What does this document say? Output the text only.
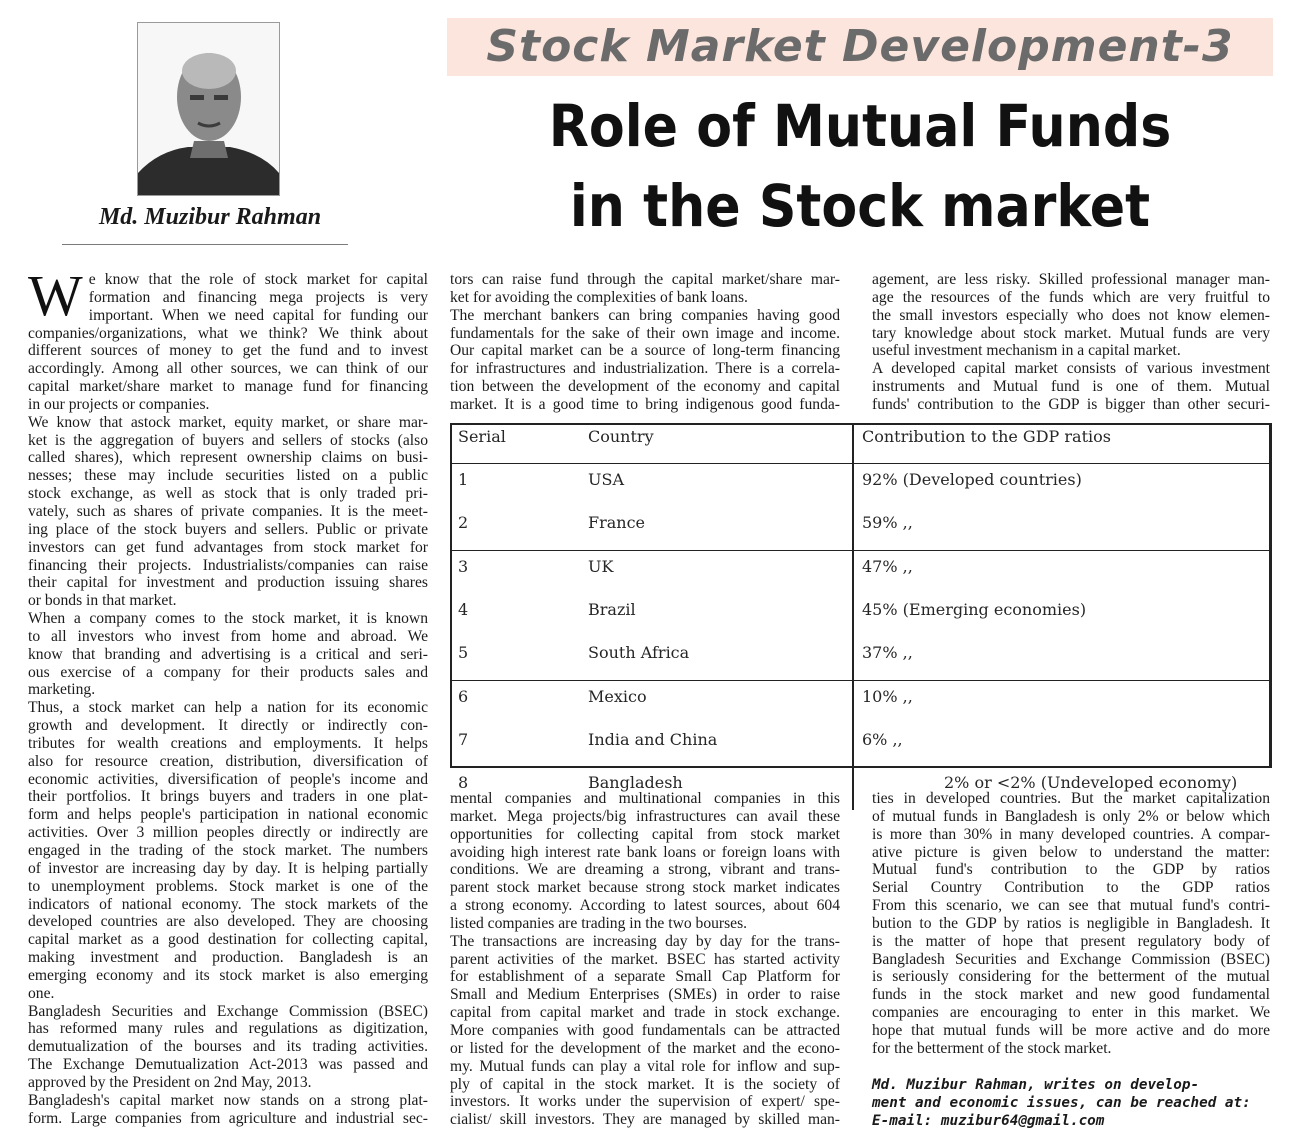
Md. Muzibur Rahman
Stock Market Development-3
Role of Mutual Funds
in the Stock market
W e know that the role of stock market for capital

formation and financing mega projects is very

important. When we need capital for funding our

companies/organizations, what we think? We think about

different sources of money to get the fund and to invest

accordingly. Among all other sources, we can think of our

capital market/share market to manage fund for financing

in our projects or companies.

We know that astock market, equity market, or share mar-

ket is the aggregation of buyers and sellers of stocks (also

called shares), which represent ownership claims on busi-

nesses; these may include securities listed on a public

stock exchange, as well as stock that is only traded pri-

vately, such as shares of private companies. It is the meet-

ing place of the stock buyers and sellers. Public or private

investors can get fund advantages from stock market for

financing their projects. Industrialists/companies can raise

their capital for investment and production issuing shares

or bonds in that market.

When a company comes to the stock market, it is known

to all investors who invest from home and abroad. We

know that branding and advertising is a critical and seri-

ous exercise of a company for their products sales and

marketing.

Thus, a stock market can help a nation for its economic

growth and development. It directly or indirectly con-

tributes for wealth creations and employments. It helps

also for resource creation, distribution, diversification of

economic activities, diversification of people's income and

their portfolios. It brings buyers and traders in one plat-

form and helps people's participation in national economic

activities. Over 3 million peoples directly or indirectly are

engaged in the trading of the stock market. The numbers

of investor are increasing day by day. It is helping partially

to unemployment problems. Stock market is one of the

indicators of national economy. The stock markets of the

developed countries are also developed. They are choosing

capital market as a good destination for collecting capital,

making investment and production. Bangladesh is an

emerging economy and its stock market is also emerging

one.

Bangladesh Securities and Exchange Commission (BSEC)

has reformed many rules and regulations as digitization,

demutualization of the bourses and its trading activities.

The Exchange Demutualization Act-2013 was passed and

approved by the President on 2nd May, 2013.

Bangladesh's capital market now stands on a strong plat-

form. Large companies from agriculture and industrial sec-

tors can raise fund through the capital market/share mar-

ket for avoiding the complexities of bank loans.

The merchant bankers can bring companies having good

fundamentals for the sake of their own image and income.

Our capital market can be a source of long-term financing

for infrastructures and industrialization. There is a correla-

tion between the development of the economy and capital

market. It is a good time to bring indigenous good funda-

agement, are less risky. Skilled professional manager man-

age the resources of the funds which are very fruitful to

the small investors especially who does not know elemen-

tary knowledge about stock market. Mutual funds are very

useful investment mechanism in a capital market.

A developed capital market consists of various investment

instruments and Mutual fund is one of them. Mutual

funds' contribution to the GDP is bigger than other securi-

Serial	Country	Contribution to the GDP ratios
1	USA	92% (Developed countries)
2	France	59% ,,
3	UK	47% ,,
4	Brazil	45% (Emerging economies)
5	South Africa	37% ,,
6	Mexico	10% ,,
7	India and China	6% ,,
8	Bangladesh	2% or <2% (Undeveloped economy)

mental companies and multinational companies in this

market. Mega projects/big infrastructures can avail these

opportunities for collecting capital from stock market

avoiding high interest rate bank loans or foreign loans with

conditions. We are dreaming a strong, vibrant and trans-

parent stock market because strong stock market indicates

a strong economy. According to latest sources, about 604

listed companies are trading in the two bourses.

The transactions are increasing day by day for the trans-

parent activities of the market. BSEC has started activity

for establishment of a separate Small Cap Platform for

Small and Medium Enterprises (SMEs) in order to raise

capital from capital market and trade in stock exchange.

More companies with good fundamentals can be attracted

or listed for the development of the market and the econo-

my. Mutual funds can play a vital role for inflow and sup-

ply of capital in the stock market. It is the society of

investors. It works under the supervision of expert/ spe-

cialist/ skill investors. They are managed by skilled man-

ties in developed countries. But the market capitalization

of mutual funds in Bangladesh is only 2% or below which

is more than 30% in many developed countries. A compar-

ative picture is given below to understand the matter:

Mutual fund's contribution to the GDP by ratios

Serial Country Contribution to the GDP ratios

From this scenario, we can see that mutual fund's contri-

bution to the GDP by ratios is negligible in Bangladesh. It

is the matter of hope that present regulatory body of

Bangladesh Securities and Exchange Commission (BSEC)

is seriously considering for the betterment of the mutual

funds in the stock market and new good fundamental

companies are encouraging to enter in this market. We

hope that mutual funds will be more active and do more

for the betterment of the stock market.

Md. Muzibur Rahman, writes on develop-
ment and economic issues, can be reached at:
E-mail: muzibur64@gmail.com
